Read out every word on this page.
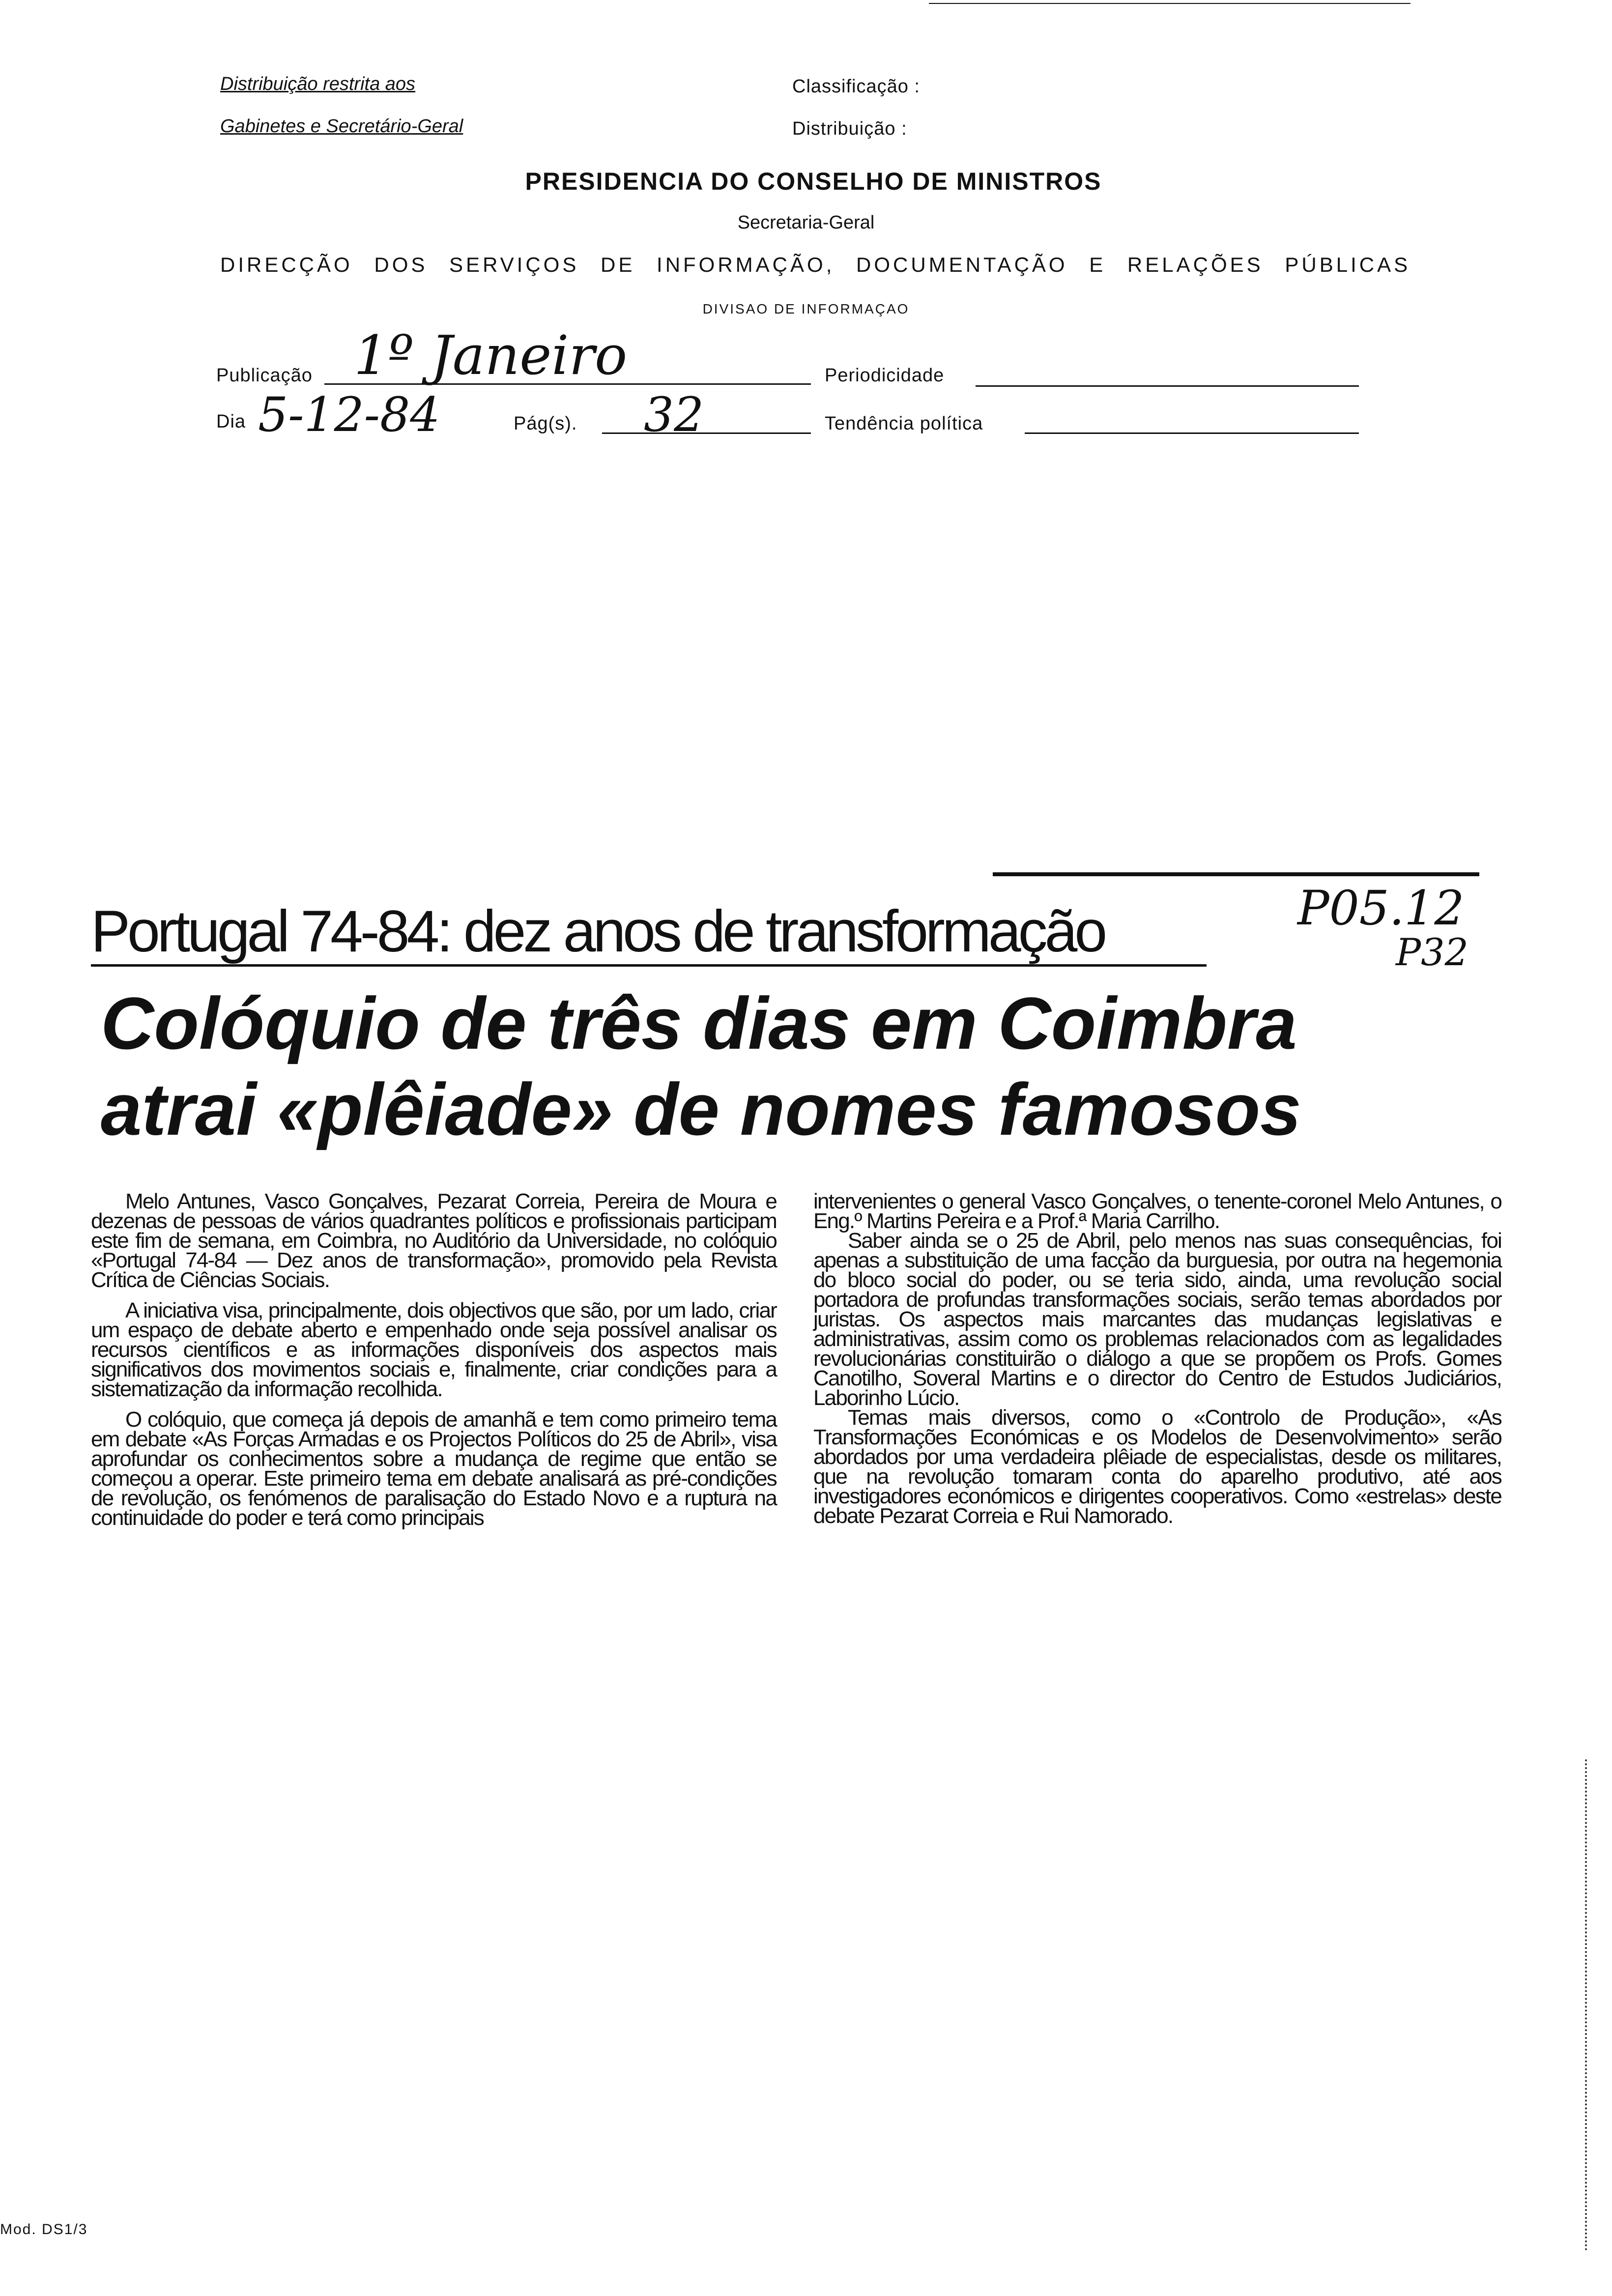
Distribuição restrita aos
Gabinetes e Secretário-Geral
Classificação :
Distribuição :
PRESIDENCIA DO CONSELHO DE MINISTROS
Secretaria-Geral
DIRECÇÃO DOS SERVIÇOS DE INFORMAÇÃO, DOCUMENTAÇÃO E RELAÇÕES PÚBLICAS
DIVISAO DE INFORMAÇAO
Publicação 1º Janeiro	Periodicidade
Dia 5-12-84	Pág(s). 32	Tendência política
Portugal 74-84: dez anos de transformação	P05.12
P32
Colóquio de três dias em Coimbra
atrai «plêiade» de nomes famosos

Melo Antunes, Vasco Gonçalves, Pezarat Correia, Pereira de Moura e dezenas de pessoas de vários quadrantes políticos e profissionais participam este fim de semana, em Coimbra, no Auditório da Universidade, no colóquio «Portugal 74-84 — Dez anos de transformação», promovido pela Revista Crítica de Ciências Sociais.

A iniciativa visa, principalmente, dois objectivos que são, por um lado, criar um espaço de debate aberto e empenhado onde seja possível analisar os recursos científicos e as informações disponíveis dos aspectos mais significativos dos movimentos sociais e, finalmente, criar condições para a sistematização da informação recolhida.

O colóquio, que começa já depois de amanhã e tem como primeiro tema em debate «As Forças Armadas e os Projectos Políticos do 25 de Abril», visa aprofundar os conhecimentos sobre a mudança de regime que então se começou a operar. Este primeiro tema em debate analisará as pré-condições de revolução, os fenómenos de paralisação do Estado Novo e a ruptura na continuidade do poder e terá como principais

intervenientes o general Vasco Gonçalves, o tenente-coronel Melo Antunes, o Eng.º Martins Pereira e a Prof.ª Maria Carrilho.

Saber ainda se o 25 de Abril, pelo menos nas suas consequências, foi apenas a substituição de uma facção da burguesia, por outra na hegemonia do bloco social do poder, ou se teria sido, ainda, uma revolução social portadora de profundas transformações sociais, serão temas abordados por juristas. Os aspectos mais marcantes das mudanças legislativas e administrativas, assim como os problemas relacionados com as legalidades revolucionárias constituirão o diálogo a que se propõem os Profs. Gomes Canotilho, Soveral Martins e o director do Centro de Estudos Judiciários, Laborinho Lúcio.

Temas mais diversos, como o «Controlo de Produção», «As Transformações Económicas e os Modelos de Desenvolvimento» serão abordados por uma verdadeira plêiade de especialistas, desde os militares, que na revolução tomaram conta do aparelho produtivo, até aos investigadores económicos e dirigentes cooperativos. Como «estrelas» deste debate Pezarat Correia e Rui Namorado.

Mod. DS1/3
